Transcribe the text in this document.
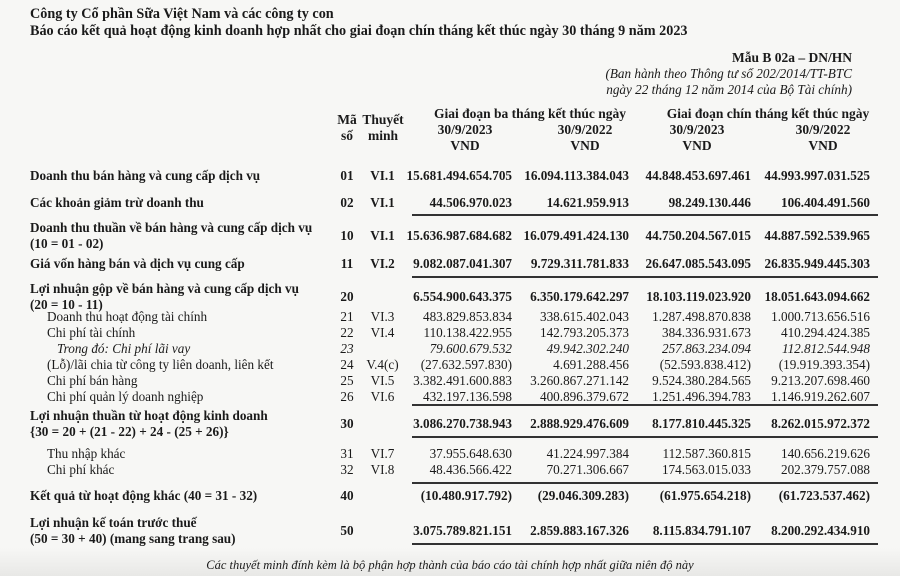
Công ty Cổ phần Sữa Việt Nam và các công ty con
Báo cáo kết quả hoạt động kinh doanh hợp nhất cho giai đoạn chín tháng kết thúc ngày 30 tháng 9 năm 2023
Mẫu B 02a – DN/HN
(Ban hành theo Thông tư số 202/2014/TT-BTC
ngày 22 tháng 12 năm 2014 của Bộ Tài chính)
Mã
số
Thuyết
minh
Giai đoạn ba tháng kết thúc ngày	Giai đoạn chín tháng kết thúc ngày
30/9/2023
VND
30/9/2022
VND
30/9/2023
VND
30/9/2022
VND
Doanh thu bán hàng và cung cấp dịch vụ	01	VI.1 15.681.494.654.705 16.094.113.384.043	44.848.453.697.461	44.993.997.031.525
Các khoản giảm trừ doanh thu	02	VI.1	44.506.970.023	14.621.959.913	98.249.130.446	106.404.491.560
Doanh thu thuần về bán hàng và cung cấp dịch vụ
(10 = 01 - 02)
10	VI.1 15.636.987.684.682 16.079.491.424.130	44.750.204.567.015	44.887.592.539.965
Giá vốn hàng bán và dịch vụ cung cấp	11	VI.2	9.082.087.041.307	9.729.311.781.833	26.647.085.543.095	26.835.949.445.303
Lợi nhuận gộp về bán hàng và cung cấp dịch vụ
(20 = 10 - 11)
20	6.554.900.643.375	6.350.179.642.297	18.103.119.023.920	18.051.643.094.662
Doanh thu hoạt động tài chính	21	VI.3	483.829.853.834	338.615.402.043	1.287.498.870.838	1.000.713.656.516
Chi phí tài chính	22	VI.4	110.138.422.955	142.793.205.373	384.336.931.673	410.294.424.385
Trong đó: Chi phí lãi vay	23	79.600.679.532	49.942.302.240	257.863.234.094	112.812.544.948
(Lỗ)/lãi chia từ công ty liên doanh, liên kết	24 V.4(c)	(27.632.597.830)	4.691.288.456	(52.593.838.412)	(19.919.393.354)
Chi phí bán hàng	25	VI.5	3.382.491.600.883	3.260.867.271.142	9.524.380.284.565	9.213.207.698.460
Chi phí quản lý doanh nghiệp	26	VI.6	432.197.136.598	400.896.379.672	1.251.496.394.783	1.146.919.262.607
Lợi nhuận thuần từ hoạt động kinh doanh
{30 = 20 + (21 - 22) + 24 - (25 + 26)}
30	3.086.270.738.943	2.888.929.476.609	8.177.810.445.325	8.262.015.972.372
Thu nhập khác	31	VI.7	37.955.648.630	41.224.997.384	112.587.360.815	140.656.219.626
Chi phí khác	32	VI.8	48.436.566.422	70.271.306.667	174.563.015.033	202.379.757.088
Kết quả từ hoạt động khác (40 = 31 - 32)	40	(10.480.917.792)	(29.046.309.283)	(61.975.654.218)	(61.723.537.462)
Lợi nhuận kế toán trước thuế
(50 = 30 + 40) (mang sang trang sau)
50	3.075.789.821.151	2.859.883.167.326	8.115.834.791.107	8.200.292.434.910
Các thuyết minh đính kèm là bộ phận hợp thành của báo cáo tài chính hợp nhất giữa niên độ này
